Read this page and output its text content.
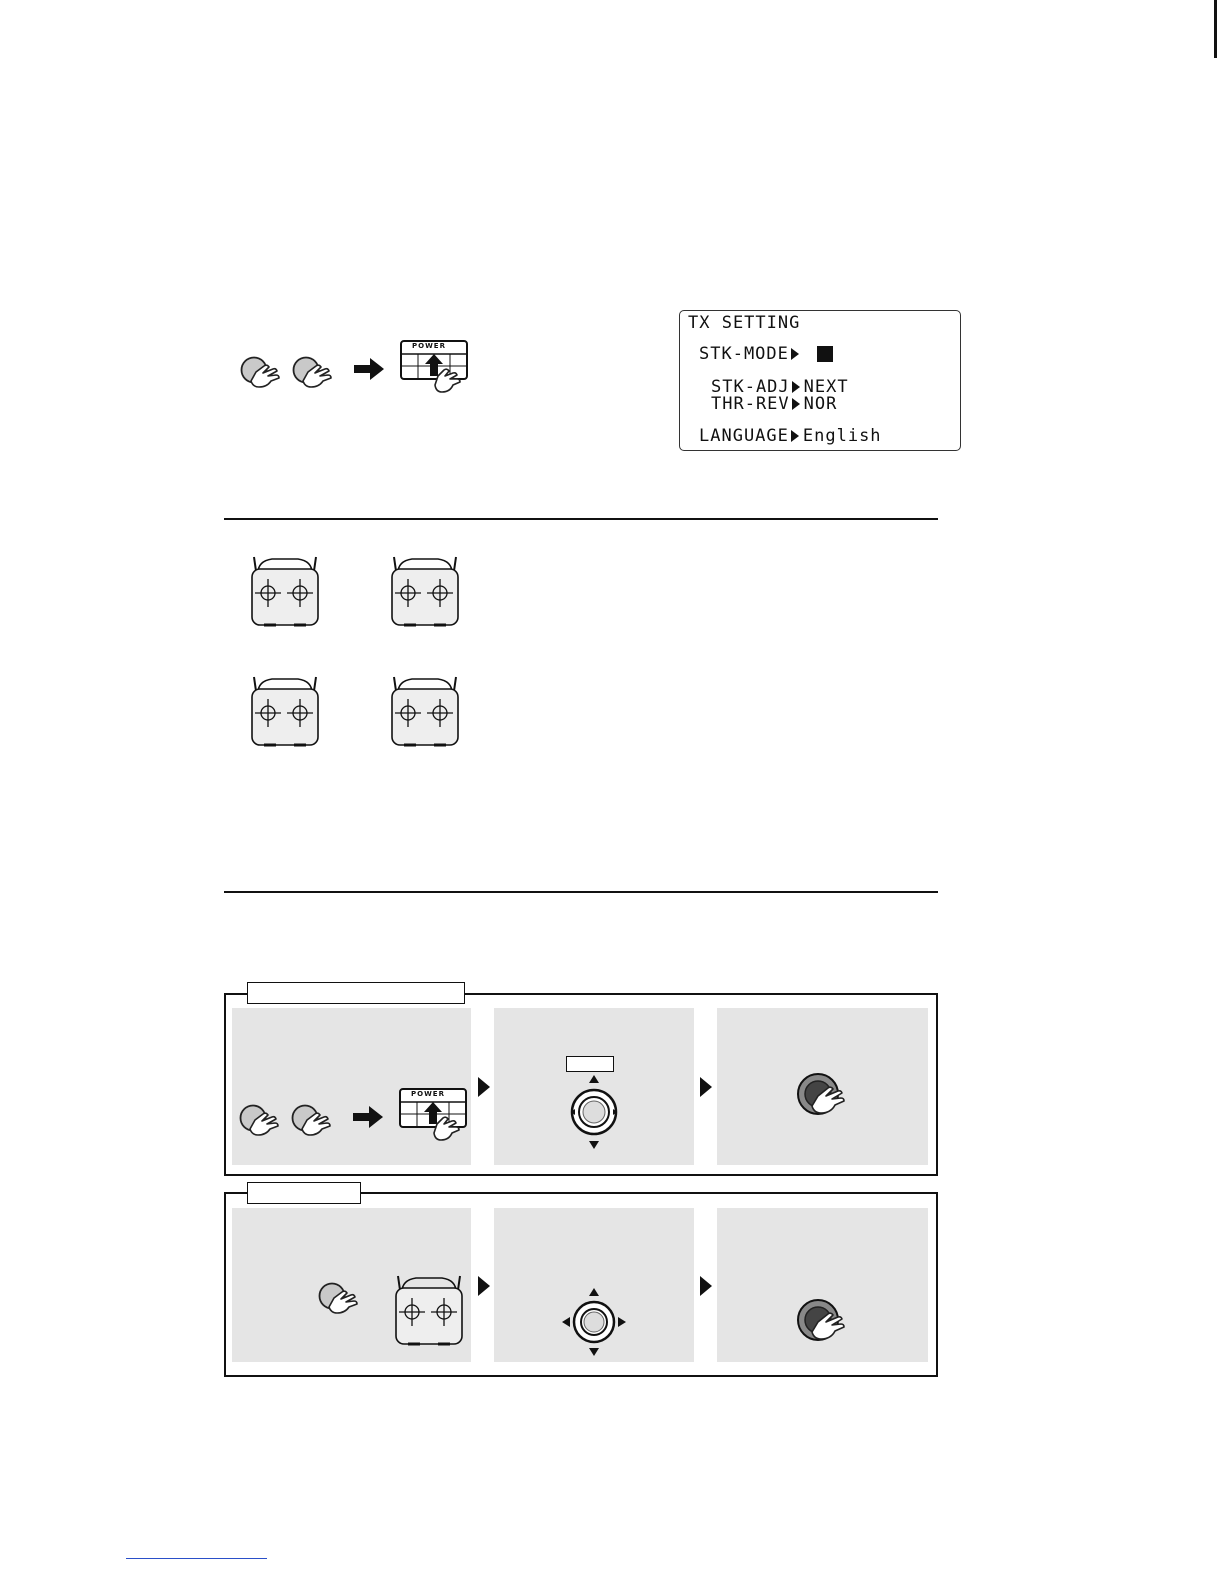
POWER
TX SETTING
STK-MODE
STK-ADJ NEXT
THR-REV NOR
LANGUAGE English
POWER
